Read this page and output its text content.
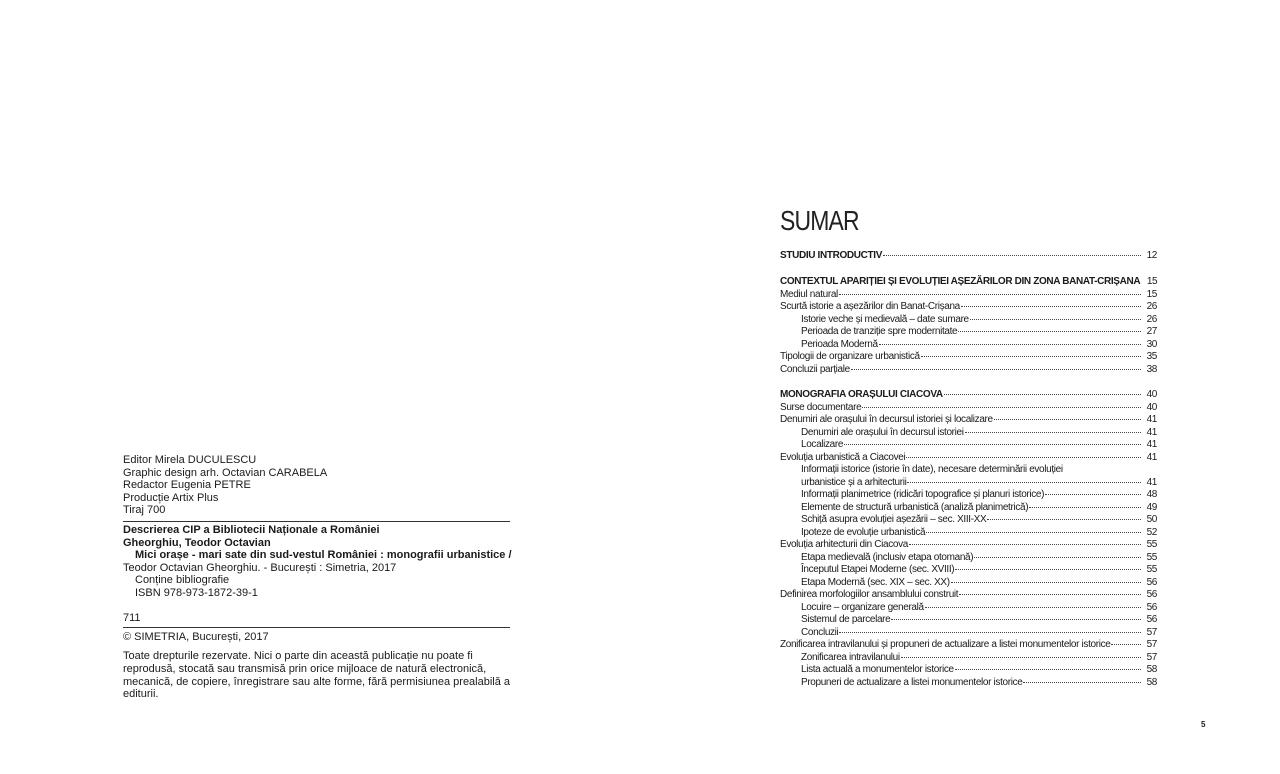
Editor Mirela DUCULESCU
Graphic design arh. Octavian CARABELA
Redactor Eugenia PETRE
Producție Artix Plus
Tiraj 700
Descrierea CIP a Bibliotecii Naționale a României
Gheorghiu, Teodor Octavian
Mici orașe - mari sate din sud-vestul României : monografii urbanistice /
Teodor Octavian Gheorghiu. - București : Simetria, 2017
Conține bibliografie
ISBN 978-973-1872-39-1
711
© SIMETRIA, București, 2017
Toate drepturile rezervate. Nici o parte din această publicație nu poate fi reprodusă, stocată sau transmisă prin orice mijloace de natură electronică, mecanică, de copiere, înregistrare sau alte forme, fără permisiunea prealabilă a editurii.
SUMAR
STUDIU INTRODUCTIV	12
CONTEXTUL APARIȚIEI ȘI EVOLUȚIEI AȘEZĂRILOR DIN ZONA BANAT-CRIȘANA 15
Mediul natural	15
Scurtă istorie a așezărilor din Banat-Crișana	26
Istorie veche și medievală – date sumare	26
Perioada de tranziție spre modernitate	27
Perioada Modernă	30
Tipologii de organizare urbanistică	35
Concluzii parțiale	38
MONOGRAFIA ORAȘULUI CIACOVA	40
Surse documentare	40
Denumiri ale orașului în decursul istoriei și localizare	41
Denumiri ale orașului în decursul istoriei	41
Localizare	41
Evoluția urbanistică a Ciacovei	41
Informații istorice (istorie în date), necesare determinării evoluției
urbanistice și a arhitecturii	41
Informații planimetrice (ridicări topografice și planuri istorice)	48
Elemente de structură urbanistică (analiză planimetrică)	49
Schiță asupra evoluției așezării – sec. XIII-XX	50
Ipoteze de evoluție urbanistică	52
Evoluția arhitecturii din Ciacova	55
Etapa medievală (inclusiv etapa otomană)	55
Începutul Etapei Moderne (sec. XVIII)	55
Etapa Modernă (sec. XIX – sec. XX)	56
Definirea morfologiilor ansamblului construit	56
Locuire – organizare generală	56
Sistemul de parcelare	56
Concluzii	57
Zonificarea intravilanului și propuneri de actualizare a listei monumentelor istorice	57
Zonificarea intravilanului	57
Lista actuală a monumentelor istorice	58
Propuneri de actualizare a listei monumentelor istorice	58
5
